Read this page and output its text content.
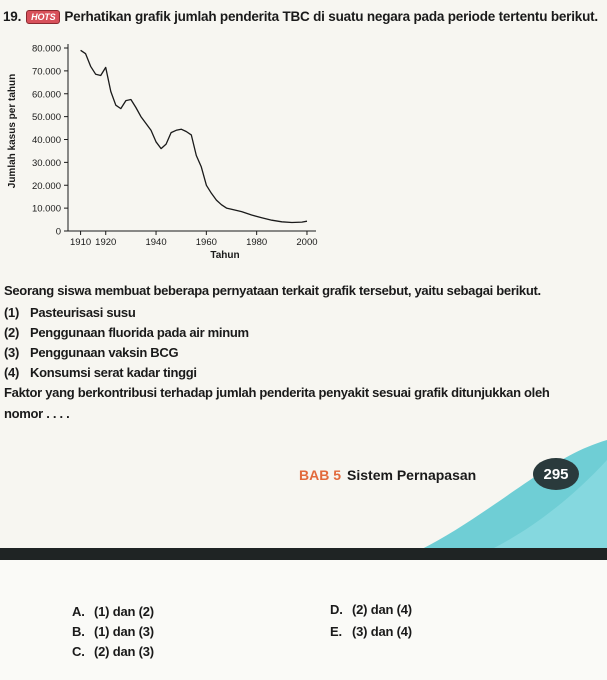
19.	HOTS Perhatikan grafik jumlah penderita TBC di suatu negara pada periode tertentu berikut.
Jumlah kasus per tahun
Tahun
0
10.000
20.000
30.000
40.000
50.000
60.000
70.000
80.000
1910 1920	1940	1960	1980	2000
Seorang siswa membuat beberapa pernyataan terkait grafik tersebut, yaitu sebagai berikut.
(1) Pasteurisasi susu
(2) Penggunaan fluorida pada air minum
(3) Penggunaan vaksin BCG
(4) Konsumsi serat kadar tinggi
Faktor yang berkontribusi terhadap jumlah penderita penyakit sesuai grafik ditunjukkan oleh
nomor . . . .
BAB 5 Sistem Pernapasan	295
A. (1) dan (2)
B. (1) dan (3)
C. (2) dan (3)
D. (2) dan (4)
E. (3) dan (4)
